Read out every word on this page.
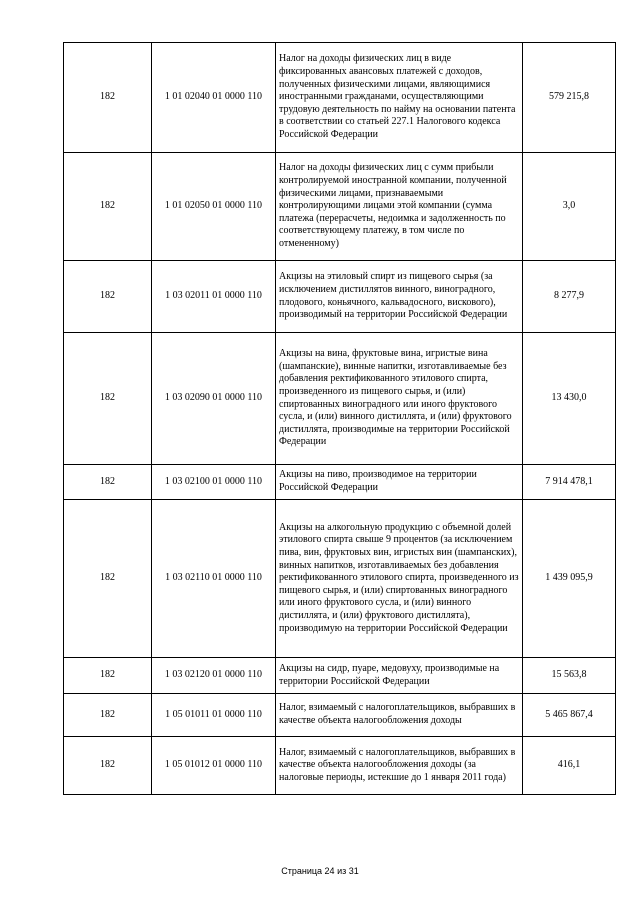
182	1 01 02040 01 0000 110	Налог на доходы физических лиц в виде фиксированных авансовых платежей с доходов, полученных физическими лицами, являющимися иностранными гражданами, осуществляющими трудовую деятельность по найму на основании патента в соответствии со статьей 227.1 Налогового кодекса Российской Федерации	579 215,8
182	1 01 02050 01 0000 110	Налог на доходы физических лиц с сумм прибыли контролируемой иностранной компании, полученной физическими лицами, признаваемыми контролирующими лицами этой компании (сумма платежа (перерасчеты, недоимка и задолженность по соответствующему платежу, в том числе по отмененному)	3,0
182	1 03 02011 01 0000 110	Акцизы на этиловый спирт из пищевого сырья (за исключением дистиллятов винного, виноградного, плодового, коньячного, кальвадосного, вискового), производимый на территории Российской Федерации	8 277,9
182	1 03 02090 01 0000 110	Акцизы на вина, фруктовые вина, игристые вина (шампанские), винные напитки, изготавливаемые без добавления ректификованного этилового спирта, произведенного из пищевого сырья, и (или) спиртованных виноградного или иного фруктового сусла, и (или) винного дистиллята, и (или) фруктового дистиллята, производимые на территории Российской Федерации	13 430,0
182	1 03 02100 01 0000 110	Акцизы на пиво, производимое на территории Российской Федерации	7 914 478,1
182	1 03 02110 01 0000 110	Акцизы на алкогольную продукцию с объемной долей этилового спирта свыше 9 процентов (за исключением пива, вин, фруктовых вин, игристых вин (шампанских), винных напитков, изготавливаемых без добавления ректификованного этилового спирта, произведенного из пищевого сырья, и (или) спиртованных виноградного или иного фруктового сусла, и (или) винного дистиллята, и (или) фруктового дистиллята), производимую на территории Российской Федерации	1 439 095,9
182	1 03 02120 01 0000 110	Акцизы на сидр, пуаре, медовуху, производимые на территории Российской Федерации	15 563,8
182	1 05 01011 01 0000 110	Налог, взимаемый с налогоплательщиков, выбравших в качестве объекта налогообложения доходы	5 465 867,4
182	1 05 01012 01 0000 110	Налог, взимаемый с налогоплательщиков, выбравших в качестве объекта налогообложения доходы (за налоговые периоды, истекшие до 1 января 2011 года)	416,1
Страница 24 из 31
